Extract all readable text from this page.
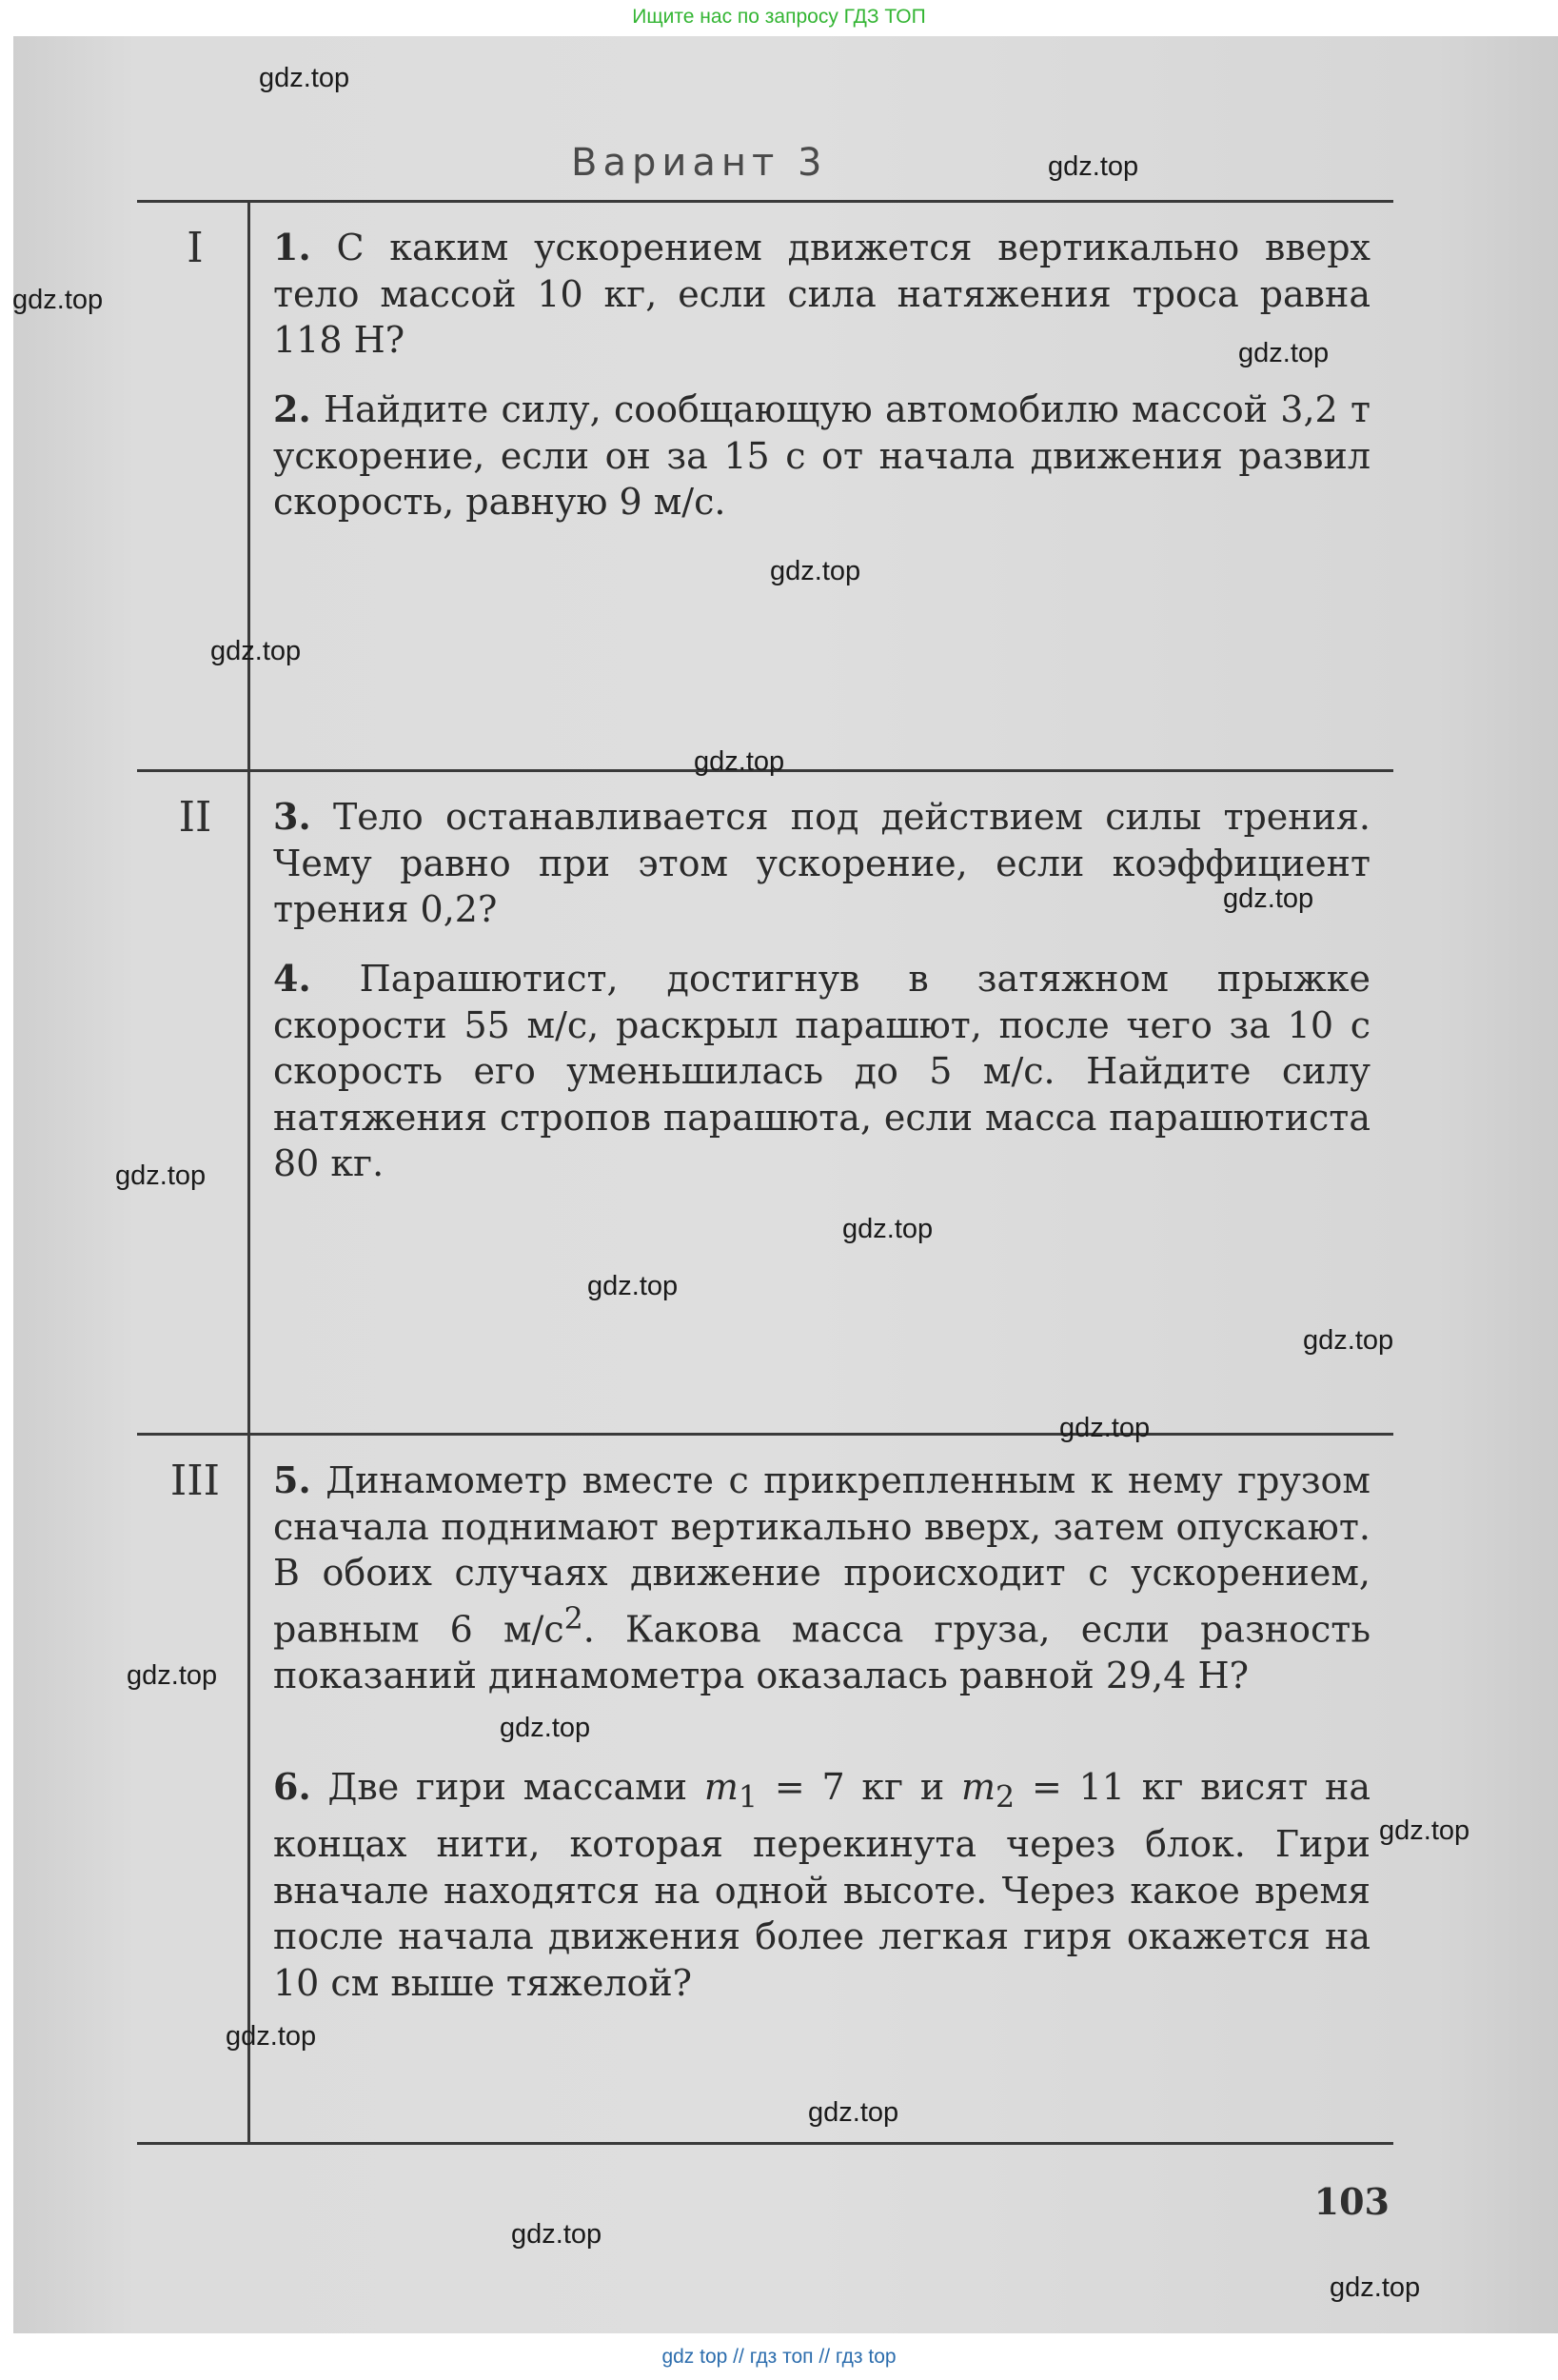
Ищите нас по запросу ГДЗ ТОП
Вариант 3
I	1. С каким ускорением движется вертикально вверх тело массой 10 кг, если сила натяжения троса равна 118 Н?
2. Найдите силу, сообщающую автомобилю массой 3,2 т ускорение, если он за 15 с от начала движения развил скорость, равную 9 м/с.
II	3. Тело останавливается под действием силы трения. Чему равно при этом ускорение, если коэффициент трения 0,2?
4. Парашютист, достигнув в затяжном прыжке скорости 55 м/с, раскрыл парашют, после чего за 10 с скорость его уменьшилась до 5 м/с. Найдите силу натяжения стропов парашюта, если масса парашютиста 80 кг.
III	5. Динамометр вместе с прикрепленным к нему грузом сначала поднимают вертикально вверх, затем опускают. В обоих случаях движение происходит с ускорением, равным 6 $м/с^2$. Какова масса груза, если разность показаний динамометра оказалась равной 29,4 Н?
6. Две гири массами $m_1 = 7$ кг и $m_2 = 11$ кг висят на концах нити, которая перекинута через блок. Гири вначале находятся на одной высоте. Через какое время после начала движения более легкая гиря окажется на 10 см выше тяжелой?
103
gdz.top
gdz.top
gdz.top
gdz.top
gdz.top
gdz.top
gdz.top
gdz.top
gdz.top
gdz.top
gdz.top
gdz.top
gdz.top
gdz.top
gdz.top
gdz.top
gdz.top
gdz.top
gdz.top
gdz.top
gdz top // гдз топ // гдз top
